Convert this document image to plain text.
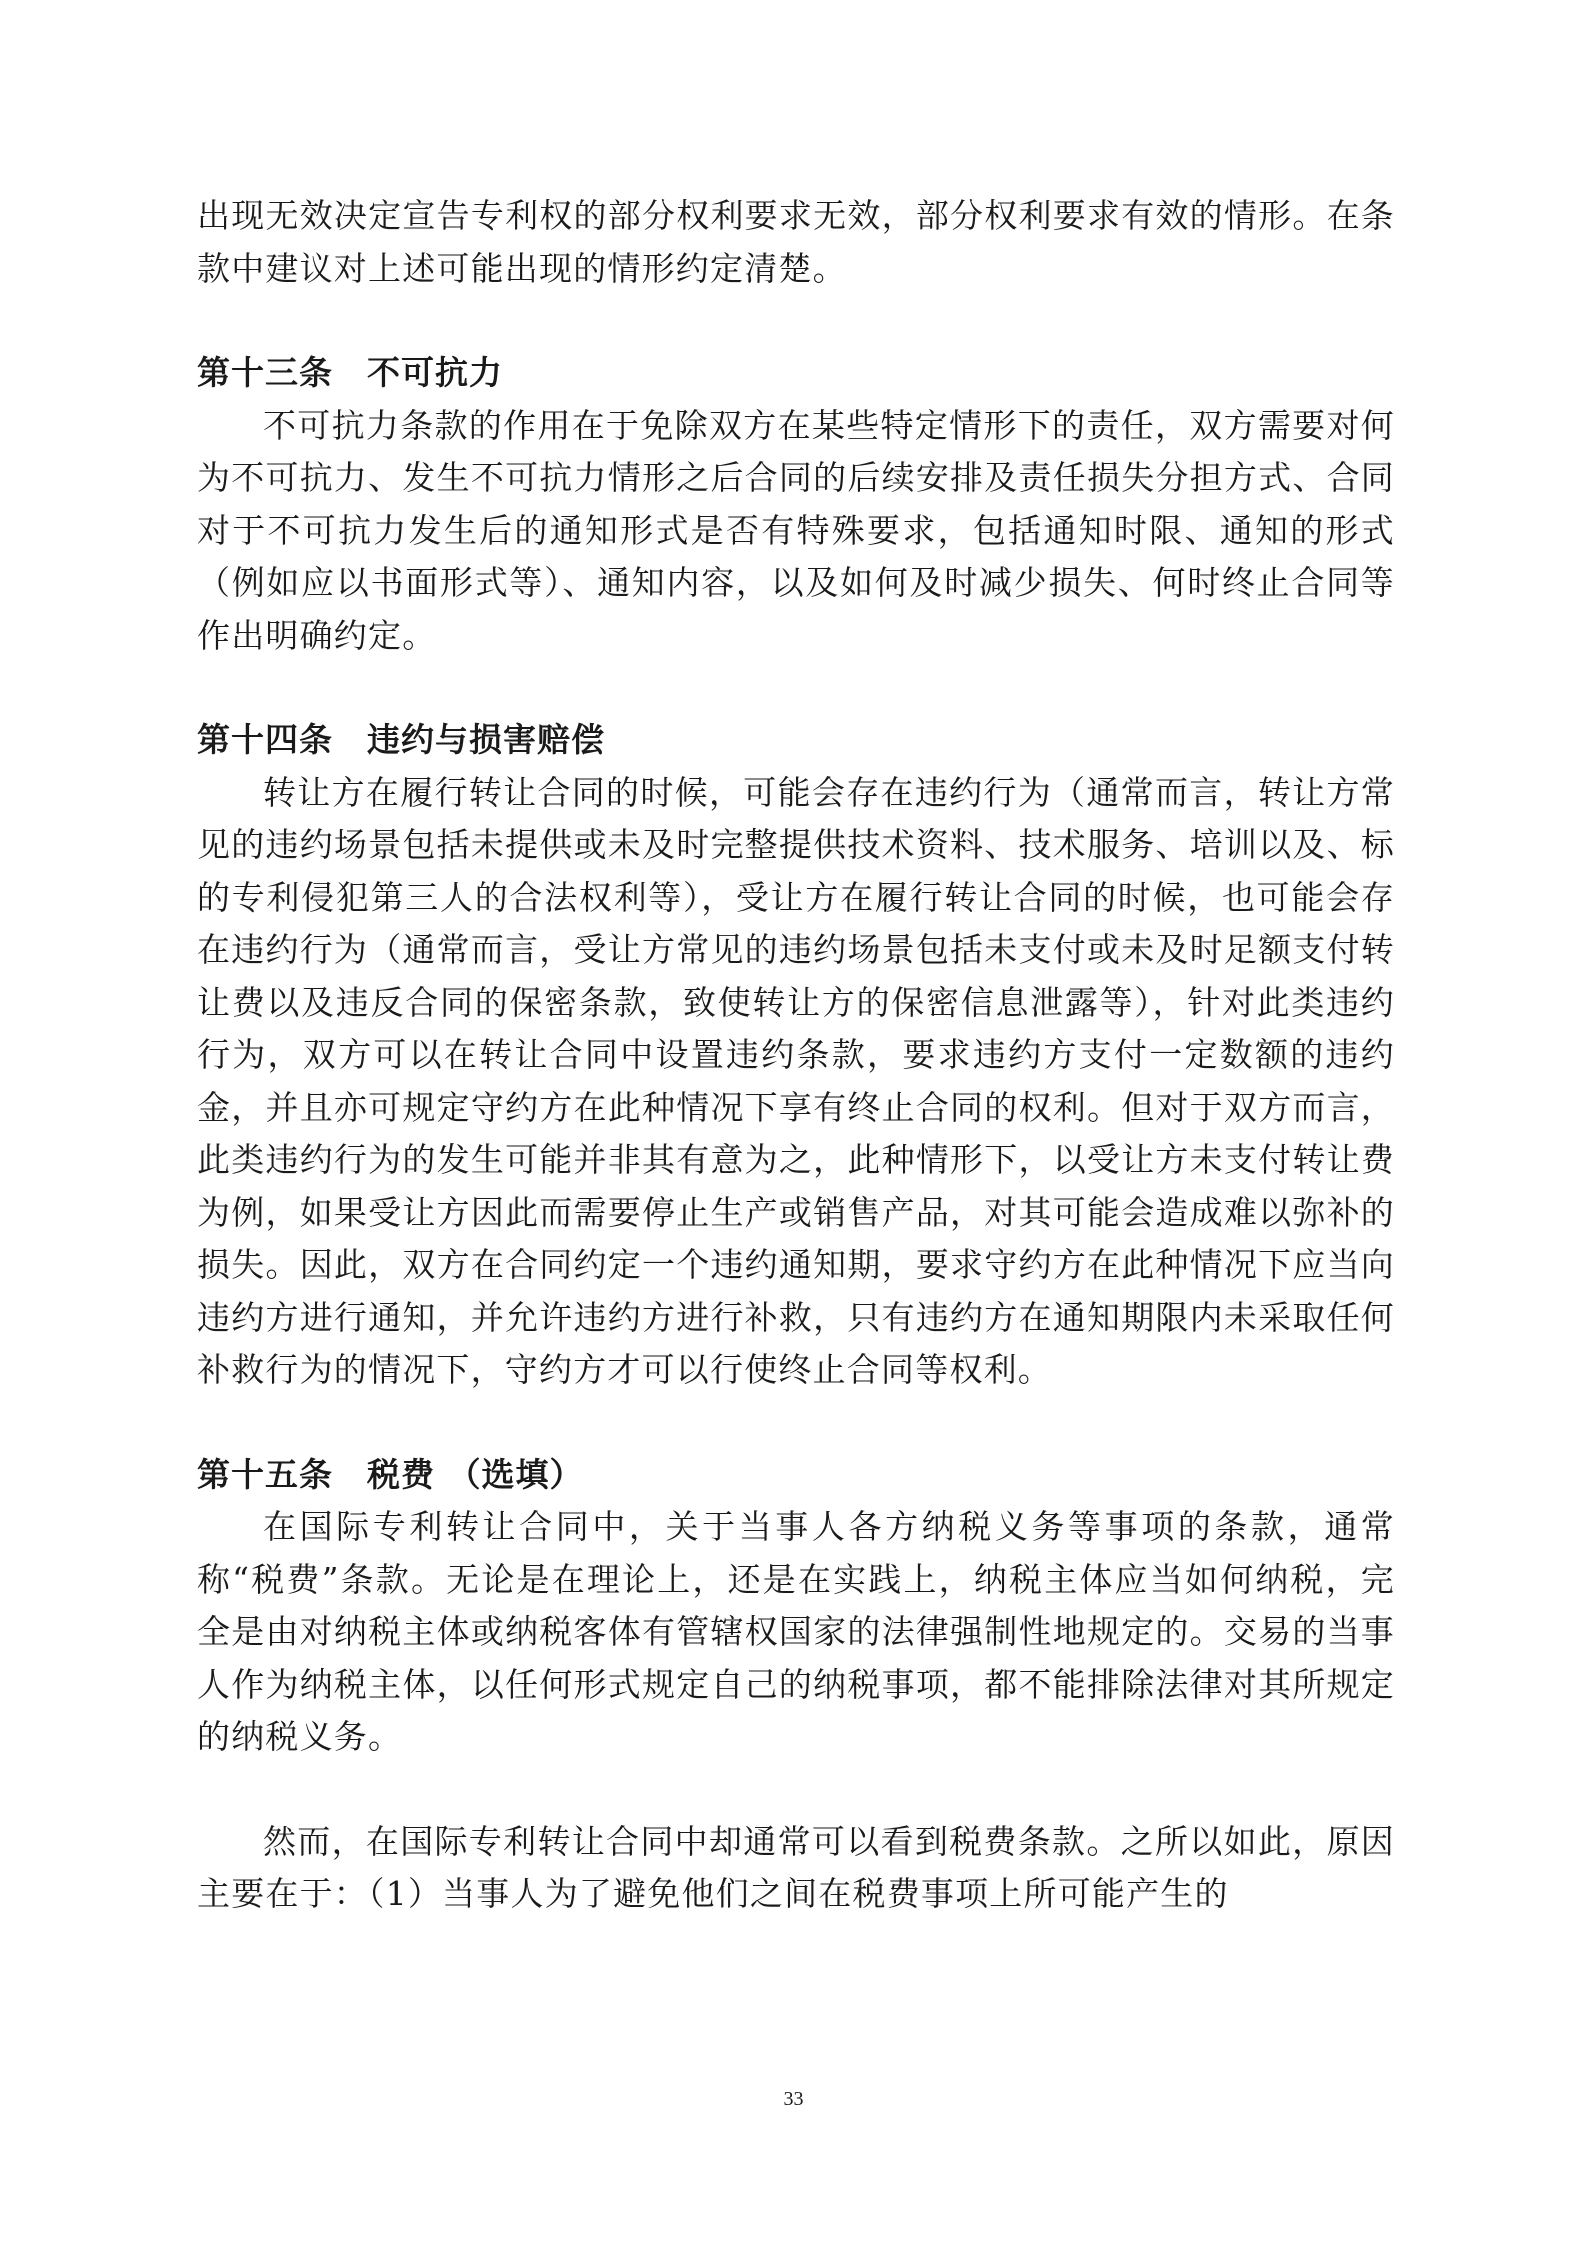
出现无效决定宣告专利权的部分权利要求无效，部分权利要求有效的情形。在条款中建议对上述可能出现的情形约定清楚。

第十三条　不可抗力

不可抗力条款的作用在于免除双方在某些特定情形下的责任，双方需要对何为不可抗力、发生不可抗力情形之后合同的后续安排及责任损失分担方式、合同对于不可抗力发生后的通知形式是否有特殊要求，包括通知时限、通知的形式（例如应以书面形式等）、通知内容，以及如何及时减少损失、何时终止合同等作出明确约定。

第十四条　违约与损害赔偿

转让方在履行转让合同的时候，可能会存在违约行为（通常而言，转让方常见的违约场景包括未提供或未及时完整提供技术资料、技术服务、培训以及、标的专利侵犯第三人的合法权利等），受让方在履行转让合同的时候，也可能会存在违约行为（通常而言，受让方常见的违约场景包括未支付或未及时足额支付转让费以及违反合同的保密条款，致使转让方的保密信息泄露等），针对此类违约行为，双方可以在转让合同中设置违约条款，要求违约方支付一定数额的违约金，并且亦可规定守约方在此种情况下享有终止合同的权利。但对于双方而言，此类违约行为的发生可能并非其有意为之，此种情形下，以受让方未支付转让费为例，如果受让方因此而需要停止生产或销售产品，对其可能会造成难以弥补的损失。因此，双方在合同约定一个违约通知期，要求守约方在此种情况下应当向违约方进行通知，并允许违约方进行补救，只有违约方在通知期限内未采取任何补救行为的情况下，守约方才可以行使终止合同等权利。

第十五条　税费 （选填）

在国际专利转让合同中，关于当事人各方纳税义务等事项的条款，通常称“税费”条款。无论是在理论上，还是在实践上，纳税主体应当如何纳税，完全是由对纳税主体或纳税客体有管辖权国家的法律强制性地规定的。交易的当事人作为纳税主体，以任何形式规定自己的纳税事项，都不能排除法律对其所规定的纳税义务。

然而，在国际专利转让合同中却通常可以看到税费条款。之所以如此，原因主要在于：（1）当事人为了避免他们之间在税费事项上所可能产生的

33
